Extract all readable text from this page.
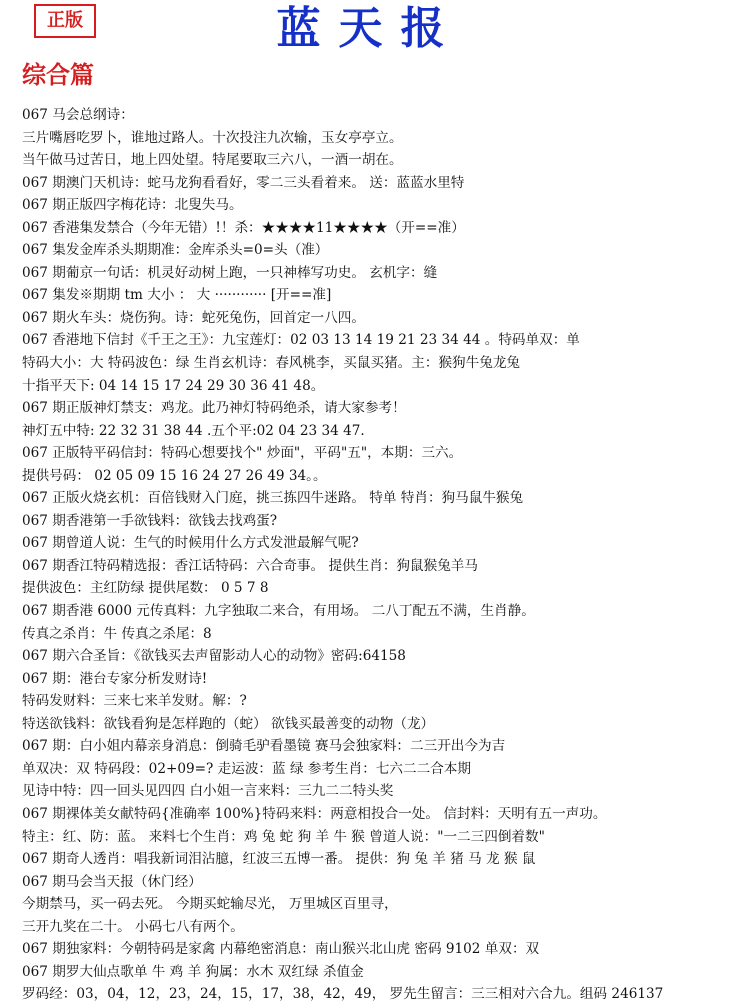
正版	蓝天报
综合篇
067 马会总纲诗：
三片嘴唇吃罗卜，谁地过路人。十次投注九次输，玉女亭亭立。
当午做马过苦日，地上四处望。特尾要取三六八，一酒一胡在。
067 期澳门天机诗：蛇马龙狗看看好，零二三头看着来。 送：蓝蓝水里特
067 期正版四字梅花诗：北叟失马。
067 香港集发禁合（今年无错）!！杀：★★★★11★★★★（开==准）
067 集发金库杀头期期准：金库杀头=0=头（准）
067 期葡京一句话：机灵好动树上跑，一只神棒写功史。 玄机字：缝
067 集发※期期 tm 大小 ： 大 ············ [开==准]
067 期火车头：烧伤狗。诗：蛇死兔伤，回首定一八四。
067 香港地下信封《千王之王》：九宝莲灯：02 03 13 14 19 21 23 34 44 。特码单双：单
特码大小：大 特码波色：绿 生肖玄机诗：春风桃李，买鼠买猪。主：猴狗牛兔龙兔
十指平天下: 04 14 15 17 24 29 30 36 41 48。
067 期正版神灯禁支：鸡龙。此乃神灯特码绝杀，请大家参考！
神灯五中特: 22 32 31 38 44 .五个平:02 04 23 34 47.
067 正版特平码信封：特码心想要找个" 炒面"，平码"五"，本期：三六。
提供号码： 02 05 09 15 16 24 27 26 49 34。。
067 正版火烧玄机：百倍钱财入门庭，挑三拣四牛迷路。 特单 特肖：狗马鼠牛猴兔
067 期香港第一手欲钱料：欲钱去找鸡蛋?
067 期曾道人说：生气的时候用什么方式发泄最解气呢?
067 期香江特码精选报：香江话特码：六合奇事。 提供生肖：狗鼠猴兔羊马
提供波色：主红防绿 提供尾数： 0 5 7 8
067 期香港 6000 元传真料：九字独取二来合，有用场。 二八丁配五不满，生肖静。
传真之杀肖：牛 传真之杀尾：8
067 期六合圣旨：《欲钱买去声留影动人心的动物》密码:64158
067 期：港台专家分析发财诗!
特码发财料：三来七来羊发财。解：?
特送欲钱料：欲钱看狗是怎样跑的（蛇） 欲钱买最善变的动物（龙）
067 期：白小姐内幕亲身消息：倒骑毛驴看墨镜 赛马会独家料：二三开出今为吉
单双决：双 特码段：02+09=? 走运波：蓝 绿 参考生肖：七六二二合本期
见诗中特：四一回头见四四 白小姐一言来料：三九二二特头奖
067 期裸体美女献特码{准确率 100%}特码来料：两意相投合一处。 信封料：天明有五一声功。
特主：红、防：蓝。 来料七个生肖：鸡 兔 蛇 狗 羊 牛 猴 曾道人说："一二三四倒着数"
067 期奇人透肖：唱我新词泪沾臆，红波三五博一番。 提供：狗 兔 羊 猪 马 龙 猴 鼠
067 期马会当天报（休门经）
今期禁马，买一码去死。 今期买蛇输尽光， 万里城区百里寻，
三开九奖在二十。 小码七八有两个。
067 期独家料：今朝特码是家禽 内幕绝密消息：南山猴兴北山虎 密码 9102 单双：双
067 期罗大仙点歌单 牛 鸡 羊 狗属：水木 双红绿 杀值金
罗码经：03，04，12，23，24，15，17，38，42，49， 罗先生留言：三三相对六合九。组码 246137
